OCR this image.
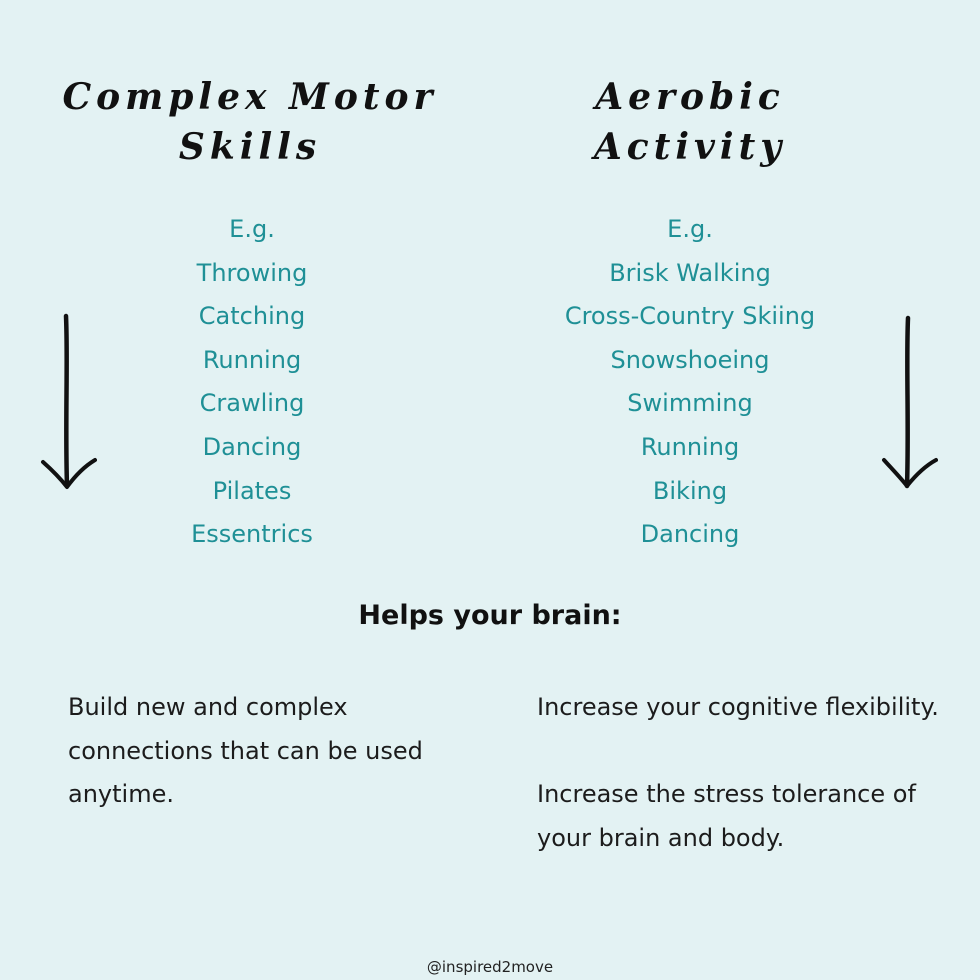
Complex Motor
Skills
Aerobic
Activity
E.g.
Throwing
Catching
Running
Crawling
Dancing
Pilates
Essentrics
E.g.
Brisk Walking
Cross-Country Skiing
Snowshoeing
Swimming
Running
Biking
Dancing
Helps your brain:

Build new and complex connections that can be used anytime.

Increase your cognitive flexibility.

Increase the stress tolerance of your brain and body.

@inspired2move
